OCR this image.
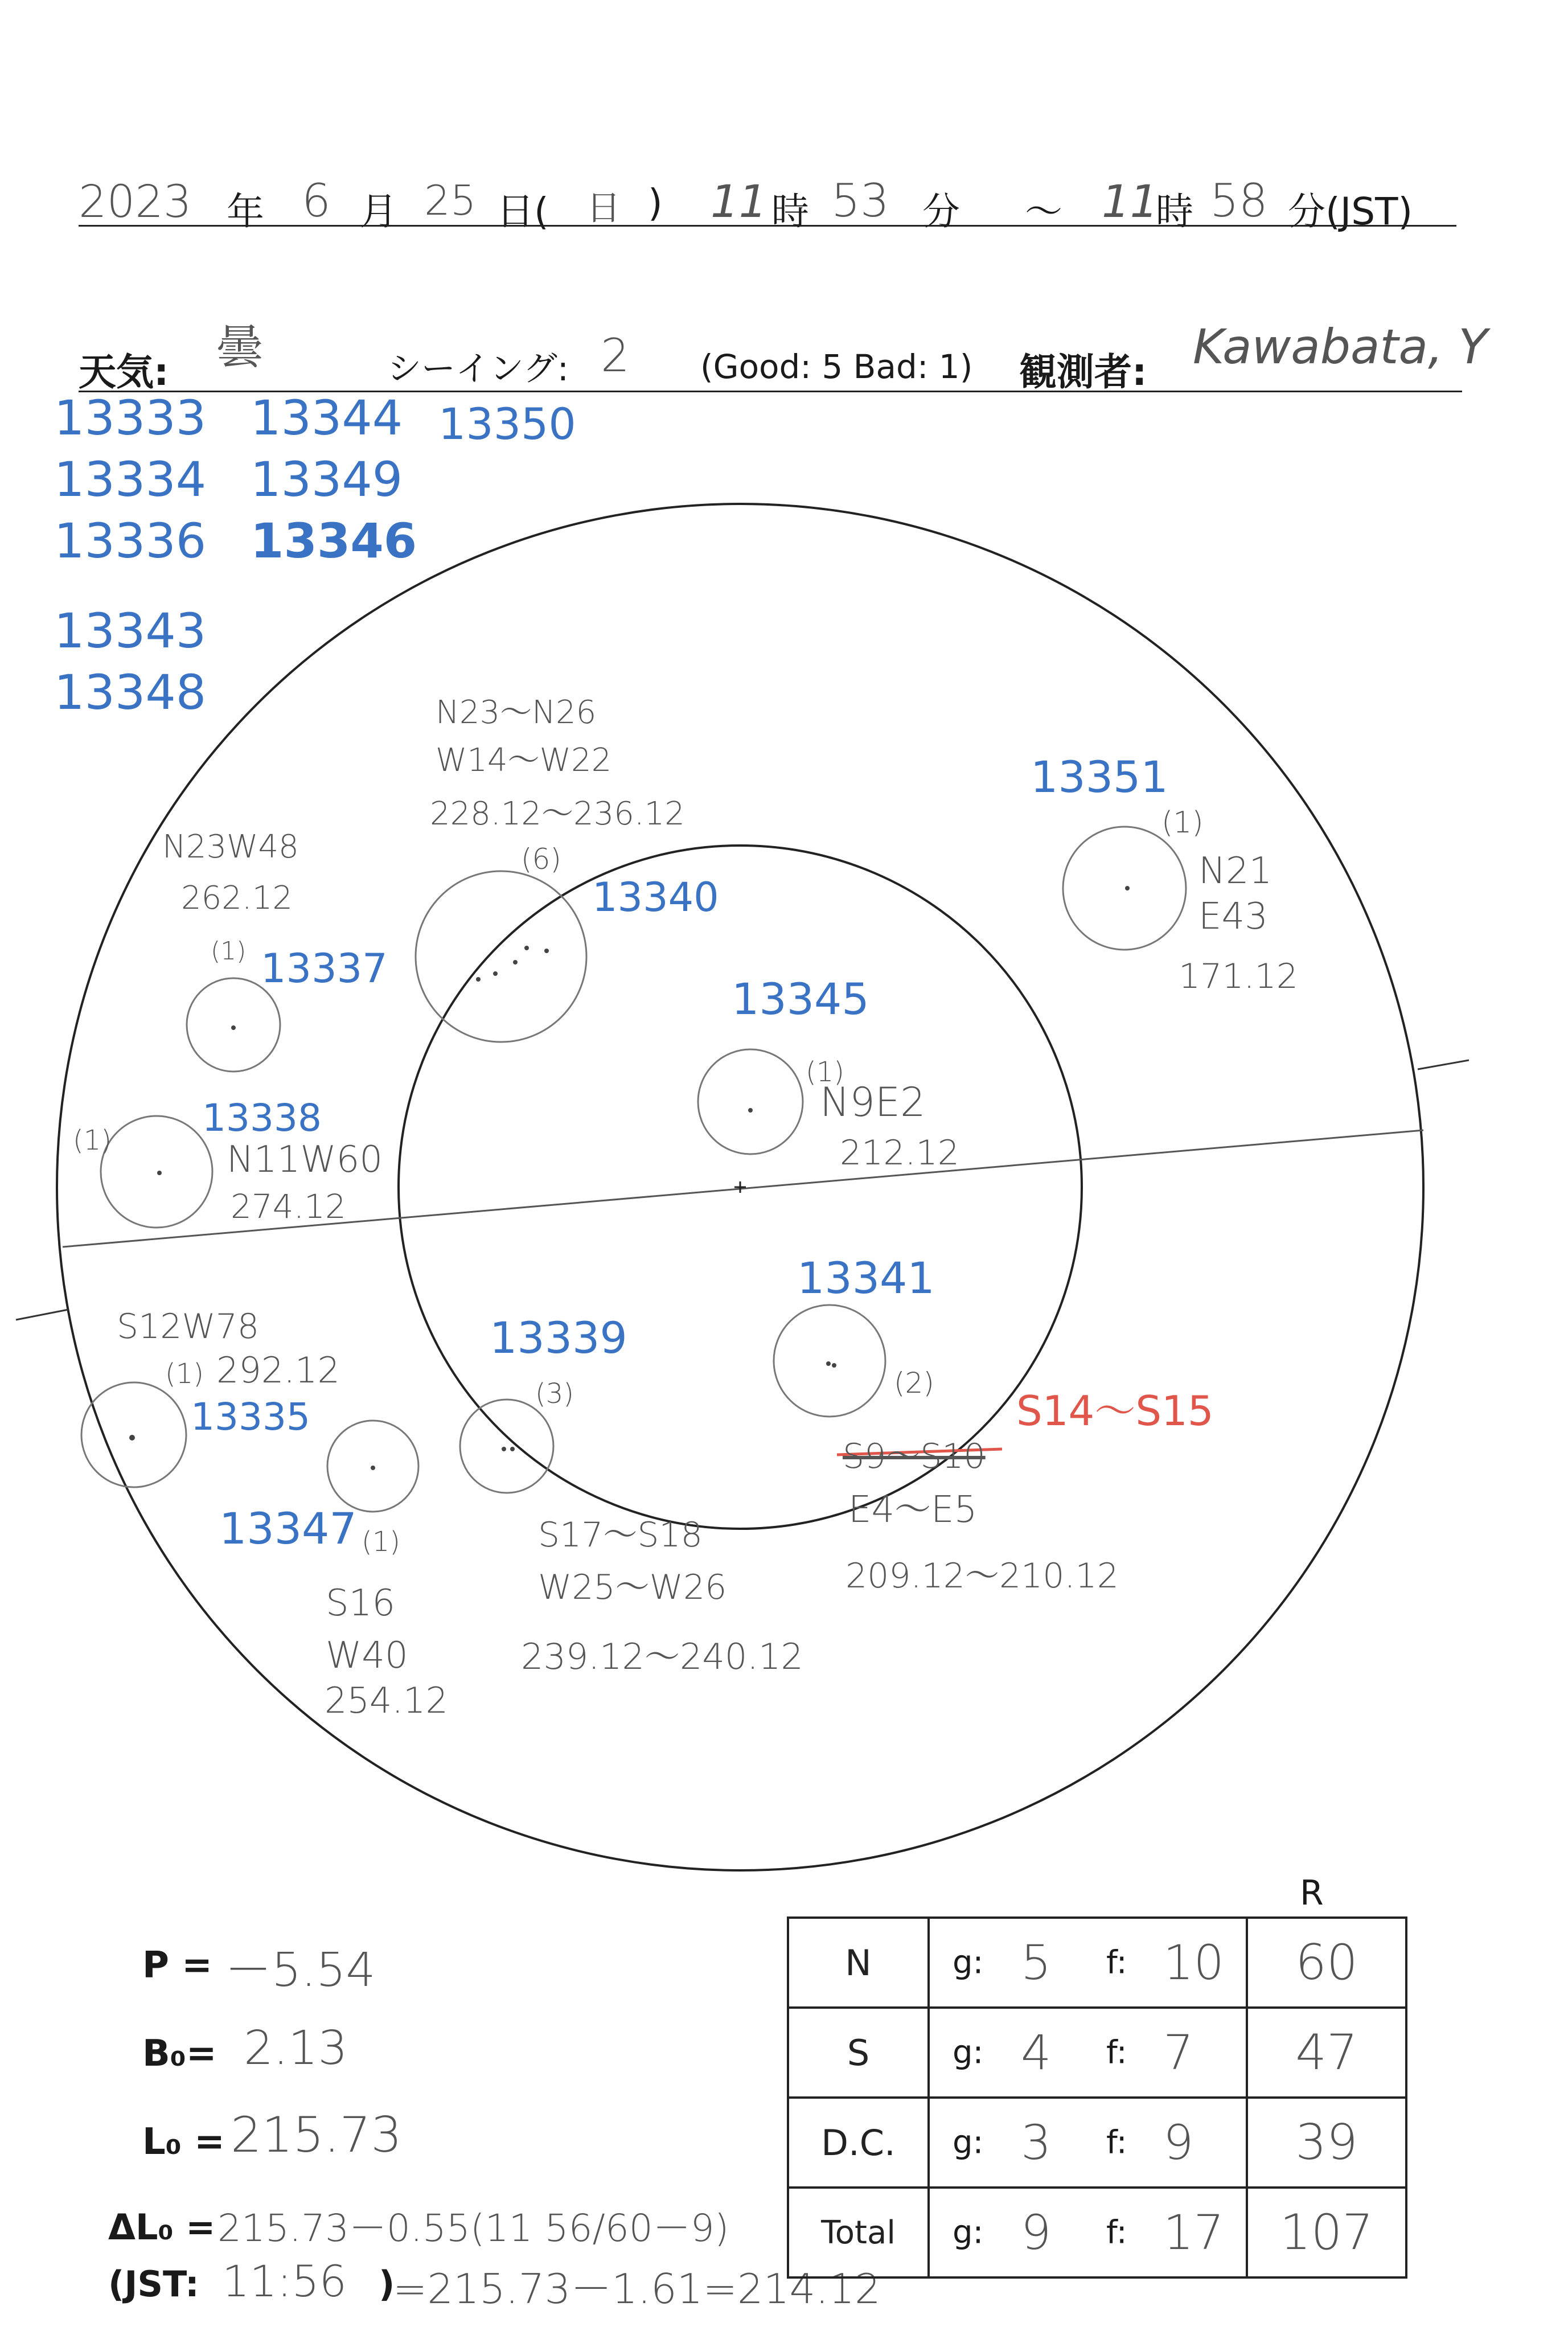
2023 年 6 月 25 日( 日 ) 11 時 53 分 ～ 11
時 58 分(JST)
天気: 曇	シーイング: 2 (Good: 5 Bad: 1) 観測者: Kawabata, Y
13333
13334
13336
13343
13348
13344
13349
13346
13350
13351
(1)
N21
E43
171.12
N23～N26
W14～W22
228.12～236.12
(6)
13340
N23W48
262.12
(1) 13337
13345
(1)
N9E2
212.12
13338
(1)	N11W60
274.12
13341
(2)
S14～S15
S9～S10
E4～E5
209.12～210.12
13339
(3)
S17～S18
W25～W26
239.12～240.12
S12W78
(1) 292.12
13335
13347 (1)
S16
W40
254.12
P = －5.54
B₀= 2.13
L₀ = 215.73
ΔL₀ = 215.73－0.55(11 56/60－9)
(JST: 11:56 )
=215.73－1.61=214.12
R
N	g: 5 f: 10	60
S	g: 4 f: 7	47
D.C.	g: 3 f: 9	39
Total	g: 9 f: 17	107
